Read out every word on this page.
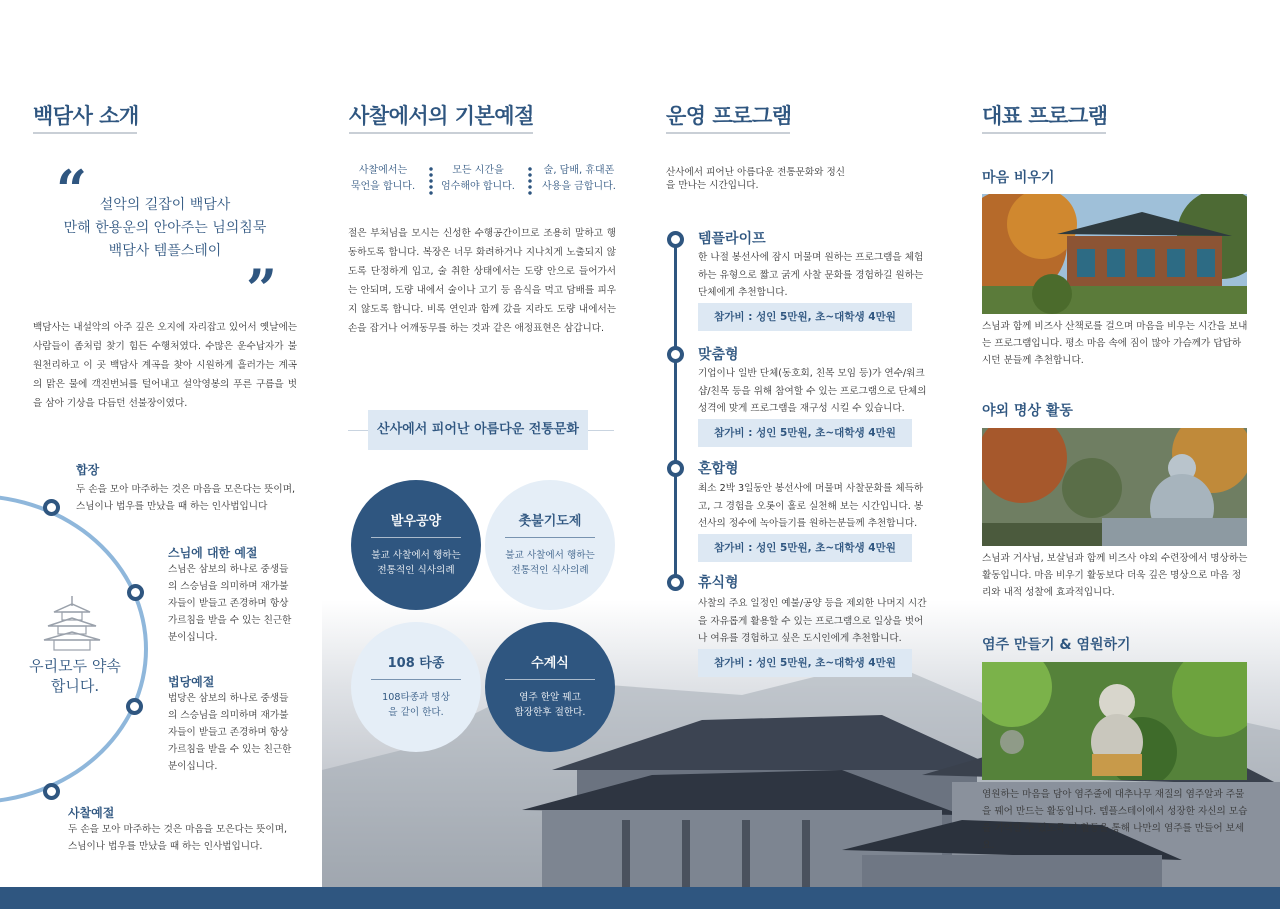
백담사 소개
“ 설악의 길잡이 백담사
만해 한용운의 안아주는 님의침묵
백담사 템플스테이
”
백담사는 내설악의 아주 깊은 오지에 자리잡고 있어서 옛날에는 사람들이 좀처럼 찾기 힘든 수행처였다. 수많은 운수납자가 불원천리하고 이 곳 백담사 계곡을 찾아 시원하게 흘러가는 계곡의 맑은 물에 객진번뇌를 털어내고 설악영봉의 푸른 구름을 벗을 삼아 기상을 다듬던 선불장이였다.
합장
두 손을 모아 마주하는 것은 마음을 모은다는 뜻이며, 스님이나 법우를 만났을 때 하는 인사법입니다
스님에 대한 예절
스님은 삼보의 하나로 중생들의 스승님을 의미하며 재가불자들이 받들고 존경하며 항상 가르침을 받을 수 있는 친근한 분이십니다.
법당예절
법당은 삼보의 하나로 중생들의 스승님을 의미하며 재가불자들이 받들고 존경하며 항상 가르침을 받을 수 있는 친근한 분이십니다.
사찰예절
두 손을 모아 마주하는 것은 마음을 모은다는 뜻이며, 스님이나 법우를 만났을 때 하는 인사법입니다.
우리모두 약속합니다.
사찰에서의 기본예절
사찰에서는
묵언을 합니다.
모든 시간을
엄수해야 합니다.
술, 담배, 휴대폰
사용을 금합니다.
절은 부처님을 모시는 신성한 수행공간이므로 조용히 말하고 행동하도록 합니다. 복장은 너무 화려하거나 지나치게 노출되지 않도록 단정하게 입고, 술 취한 상태에서는 도량 안으로 들어가서는 안되며, 도량 내에서 술이나 고기 등 음식을 먹고 담배를 피우지 않도록 합니다. 비록 연인과 함께 갔을 지라도 도량 내에서는 손을 잡거나 어깨동무를 하는 것과 같은 애정표현은 삼갑니다.
산사에서 피어난 아름다운 전통문화
발우공양
불교 사찰에서 행하는
전통적인 식사의례
촛불기도제
불교 사찰에서 행하는
전통적인 식사의례
108 타종
108타종과 명상
을 같이 한다.
수계식
염주 한알 꿰고
합장한후 절한다.
운영 프로그램
산사에서 피어난 아름다운 전통문화와 정신을 만나는 시간입니다.
템플라이프
한 나절 봉선사에 잠시 머물며 원하는 프로그램을 체험하는 유형으로 짧고 굵게 사찰 문화를 경험하길 원하는 단체에게 추천합니다.
참가비 : 성인 5만원, 초~대학생 4만원
맞춤형
기업이나 일반 단체(동호회, 친목 모임 등)가 연수/워크샵/친목 등을 위해 참여할 수 있는 프로그램으로 단체의 성격에 맞게 프로그램을 재구성 시킬 수 있습니다.
참가비 : 성인 5만원, 초~대학생 4만원
혼합형
최소 2박 3일동안 봉선사에 머물며 사찰문화를 체득하고, 그 경험을 오롯이 홀로 실천해 보는 시간입니다. 봉선사의 정수에 녹아들기를 원하는분들께 추천합니다.
참가비 : 성인 5만원, 초~대학생 4만원
휴식형
사찰의 주요 일정인 예불/공양 등을 제외한 나머지 시간을 자유롭게 활용할 수 있는 프로그램으로 일상을 벗어나 여유를 경험하고 싶은 도시인에게 추천합니다.
참가비 : 성인 5만원, 초~대학생 4만원
대표 프로그램
마음 비우기
스님과 함께 비즈사 산책로를 걸으며 마음을 비우는 시간을 보내는 프로그램입니다. 평소 마음 속에 짐이 많아 가슴께가 답답하시던 분들께 추천합니다.
야외 명상 활동
스님과 거사님, 보살님과 함께 비즈사 야외 수련장에서 명상하는 활동입니다. 마음 비우기 활동보다 더욱 깊은 명상으로 마음 정리와 내적 성찰에 효과적입니다.
염주 만들기 & 염원하기
염원하는 마음을 담아 염주줄에 대추나무 재질의 염주알과 주물을 꿰어 만드는 활동입니다. 템플스테이에서 성장한 자신의 모습을 기억할 수 있도록 이 활동을 통해 나만의 염주를 만들어 보세요.
